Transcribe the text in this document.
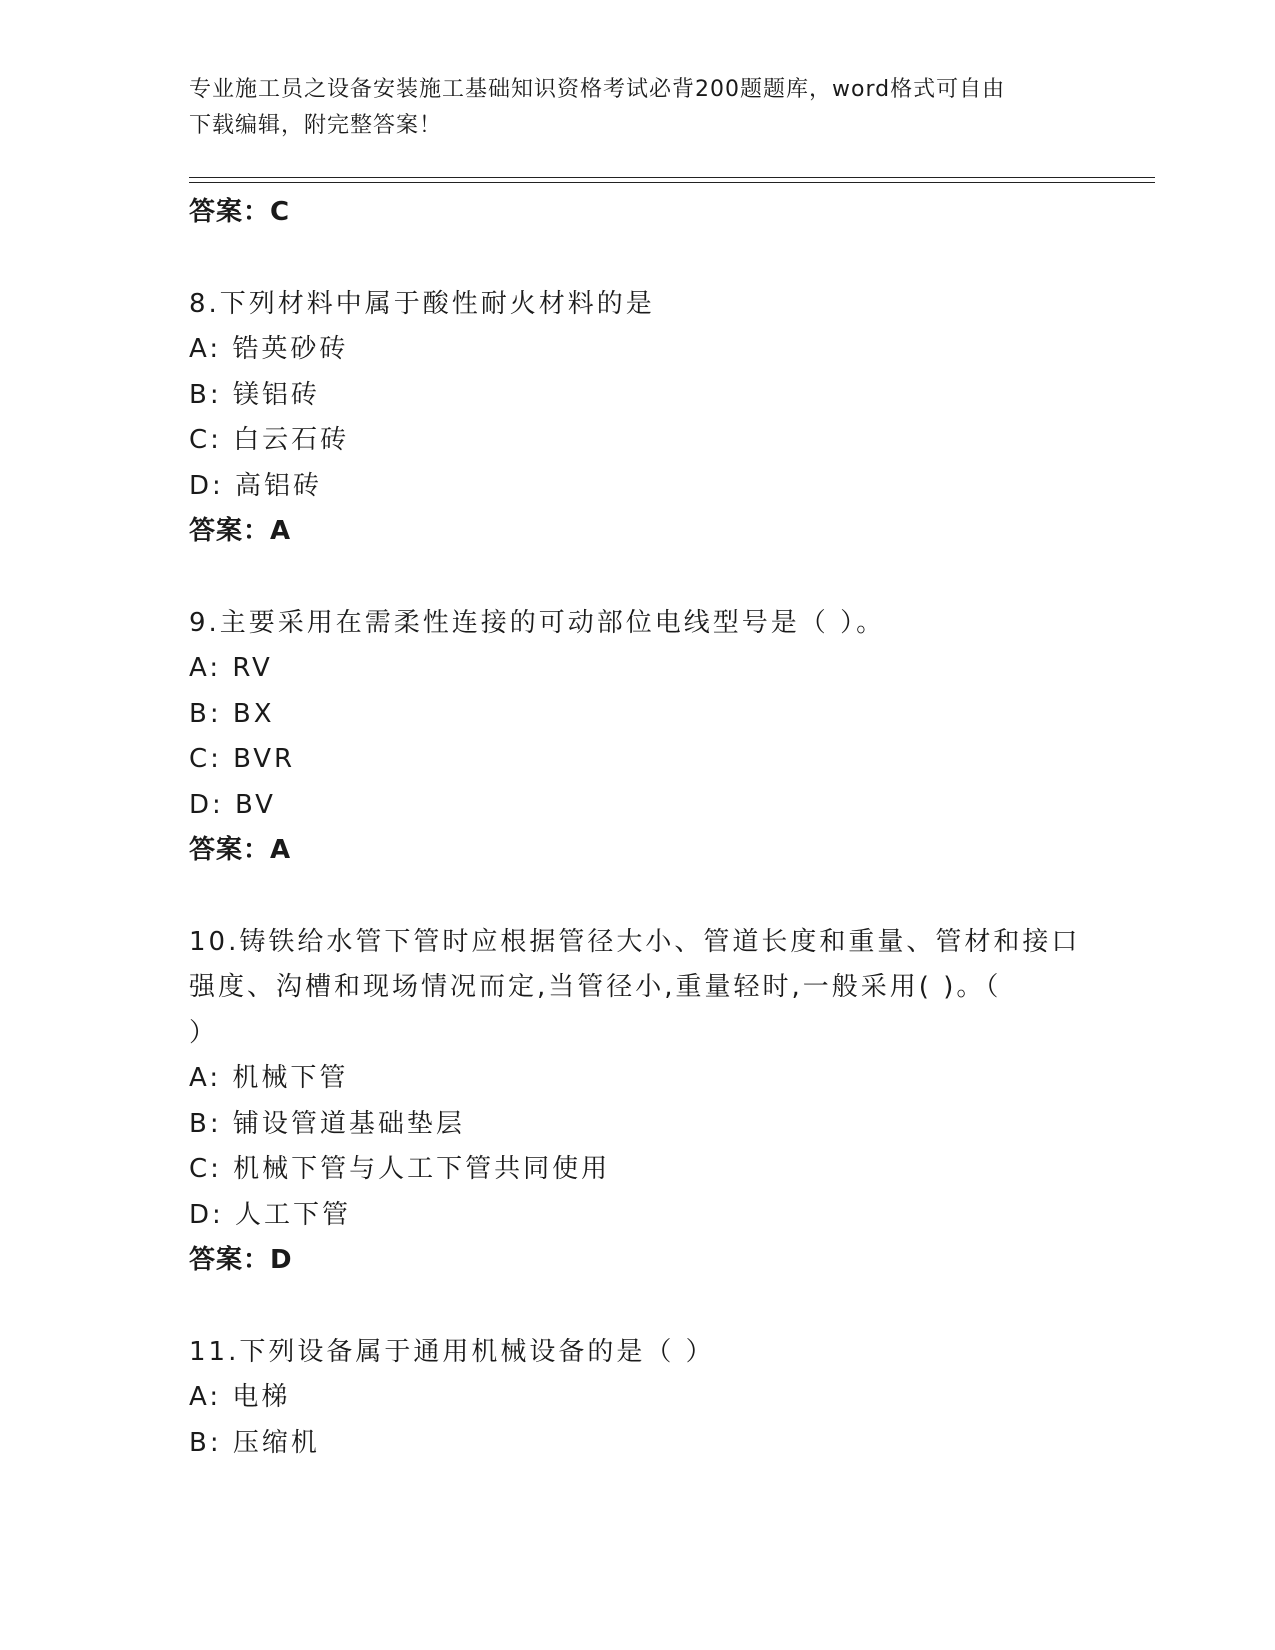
专业施工员之设备安装施工基础知识资格考试必背200题题库，word格式可自由
下载编辑，附完整答案！
答案：C
8.下列材料中属于酸性耐火材料的是
A: 锆英砂砖
B: 镁铝砖
C: 白云石砖
D: 高铝砖
答案：A
9.主要采用在需柔性连接的可动部位电线型号是（ ）。
A: RV
B: BX
C: BVR
D: BV
答案：A
10.铸铁给水管下管时应根据管径大小、管道长度和重量、管材和接口
强度、沟槽和现场情况而定,当管径小,重量轻时,一般采用( )。（
）
A: 机械下管
B: 铺设管道基础垫层
C: 机械下管与人工下管共同使用
D: 人工下管
答案：D
11.下列设备属于通用机械设备的是（ ）
A: 电梯
B: 压缩机
